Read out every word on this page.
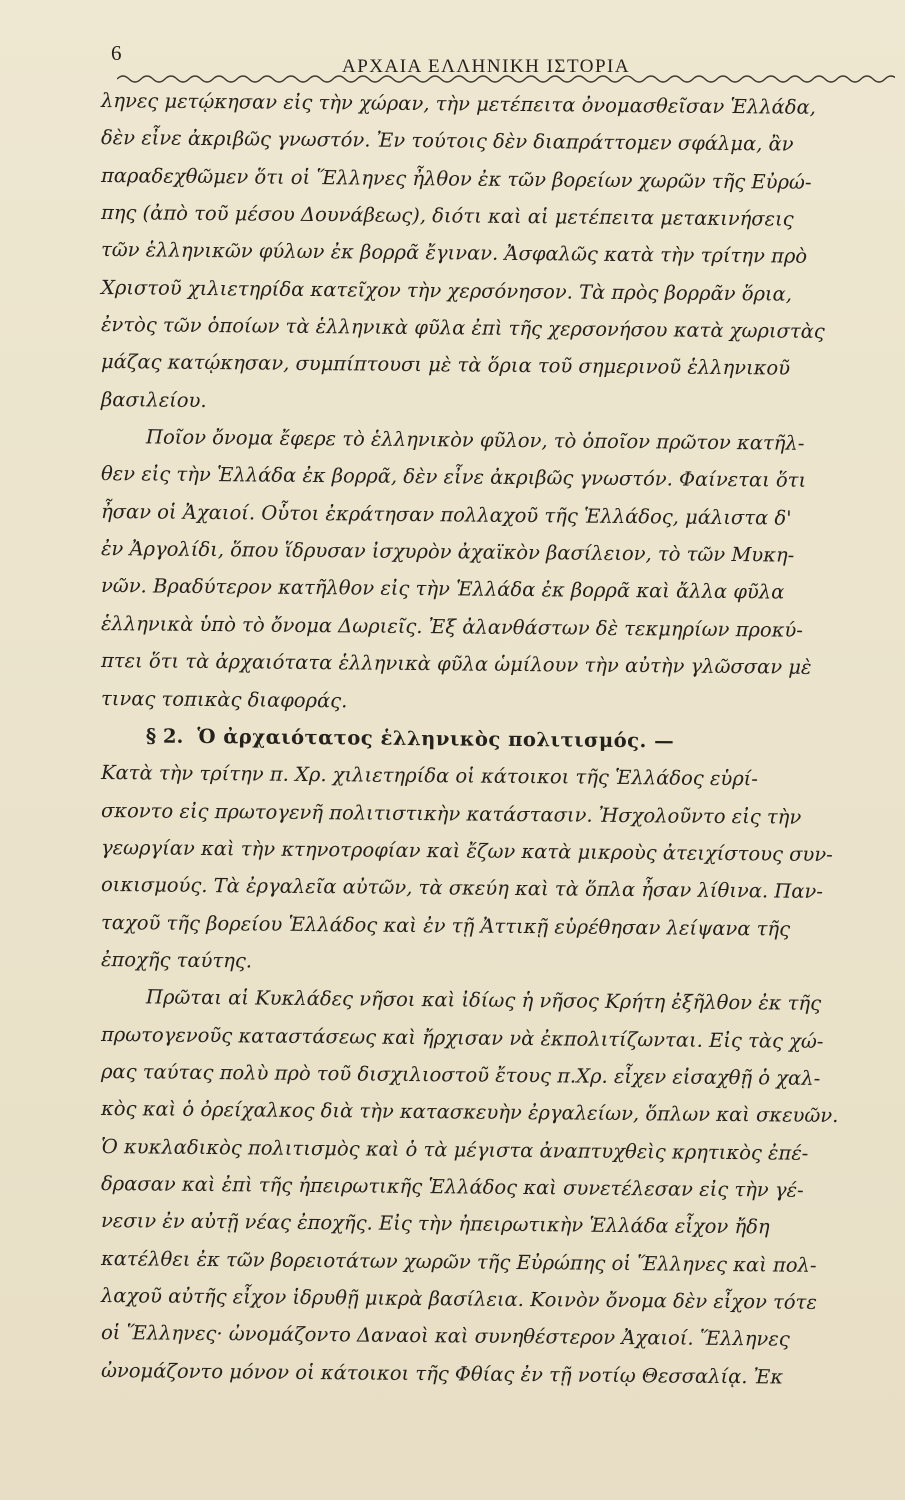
6
ΑΡΧΑΙΑ ΕΛΛΗΝΙΚΗ ΙΣΤΟΡΙΑ
ληνες μετῴκησαν εἰς τὴν χώραν, τὴν μετέπειτα ὀνομασθεῖσαν Ἑλλάδα,
δὲν εἶνε ἀκριβῶς γνωστόν. Ἐν τούτοις δὲν διαπράττομεν σφάλμα, ἂν
παραδεχθῶμεν ὅτι οἱ Ἕλληνες ἦλθον ἐκ τῶν βορείων χωρῶν τῆς Εὐρώ-
πης (ἀπὸ τοῦ μέσου Δουνάβεως), διότι καὶ αἱ μετέπειτα μετακινήσεις
τῶν ἑλληνικῶν φύλων ἐκ βορρᾶ ἔγιναν. Ἀσφαλῶς κατὰ τὴν τρίτην πρὸ
Χριστοῦ χιλιετηρίδα κατεῖχον τὴν χερσόνησον. Τὰ πρὸς βορρᾶν ὅρια,
ἐντὸς τῶν ὁποίων τὰ ἑλληνικὰ φῦλα ἐπὶ τῆς χερσονήσου κατὰ χωριστὰς
μάζας κατῴκησαν, συμπίπτουσι μὲ τὰ ὅρια τοῦ σημερινοῦ ἑλληνικοῦ
βασιλείου.
Ποῖον ὄνομα ἔφερε τὸ ἑλληνικὸν φῦλον, τὸ ὁποῖον πρῶτον κατῆλ-
θεν εἰς τὴν Ἑλλάδα ἐκ βορρᾶ, δὲν εἶνε ἀκριβῶς γνωστόν. Φαίνεται ὅτι
ἦσαν οἱ Ἀχαιοί. Οὗτοι ἐκράτησαν πολλαχοῦ τῆς Ἑλλάδος, μάλιστα δ'
ἐν Ἀργολίδι, ὅπου ἵδρυσαν ἰσχυρὸν ἀχαϊκὸν βασίλειον, τὸ τῶν Μυκη-
νῶν. Βραδύτερον κατῆλθον εἰς τὴν Ἑλλάδα ἐκ βορρᾶ καὶ ἄλλα φῦλα
ἑλληνικὰ ὑπὸ τὸ ὄνομα Δωριεῖς. Ἐξ ἀλανθάστων δὲ τεκμηρίων προκύ-
πτει ὅτι τὰ ἀρχαιότατα ἑλληνικὰ φῦλα ὡμίλουν τὴν αὐτὴν γλῶσσαν μὲ
τινας τοπικὰς διαφοράς.
§ 2. Ὁ ἀρχαιότατος ἑλληνικὸς πολιτισμός. —
Κατὰ τὴν τρίτην π. Χρ. χιλιετηρίδα οἱ κάτοικοι τῆς Ἑλλάδος εὑρί-
σκοντο εἰς πρωτογενῆ πολιτιστικὴν κατάστασιν. Ἠσχολοῦντο εἰς τὴν
γεωργίαν καὶ τὴν κτηνοτροφίαν καὶ ἔζων κατὰ μικροὺς ἀτειχίστους συν-
οικισμούς. Τὰ ἐργαλεῖα αὐτῶν, τὰ σκεύη καὶ τὰ ὅπλα ἦσαν λίθινα. Παν-
ταχοῦ τῆς βορείου Ἑλλάδος καὶ ἐν τῇ Ἀττικῇ εὑρέθησαν λείψανα τῆς
ἐποχῆς ταύτης.
Πρῶται αἱ Κυκλάδες νῆσοι καὶ ἰδίως ἡ νῆσος Κρήτη ἐξῆλθον ἐκ τῆς
πρωτογενοῦς καταστάσεως καὶ ἤρχισαν νὰ ἐκπολιτίζωνται. Εἰς τὰς χώ-
ρας ταύτας πολὺ πρὸ τοῦ δισχιλιοστοῦ ἔτους π.Χρ. εἶχεν εἰσαχθῇ ὁ χαλ-
κὸς καὶ ὁ ὀρείχαλκος διὰ τὴν κατασκευὴν ἐργαλείων, ὅπλων καὶ σκευῶν.
Ὁ κυκλαδικὸς πολιτισμὸς καὶ ὁ τὰ μέγιστα ἀναπτυχθεὶς κρητικὸς ἐπέ-
δρασαν καὶ ἐπὶ τῆς ἠπειρωτικῆς Ἑλλάδος καὶ συνετέλεσαν εἰς τὴν γέ-
νεσιν ἐν αὐτῇ νέας ἐποχῆς. Εἰς τὴν ἠπειρωτικὴν Ἑλλάδα εἶχον ἤδη
κατέλθει ἐκ τῶν βορειοτάτων χωρῶν τῆς Εὐρώπης οἱ Ἕλληνες καὶ πολ-
λαχοῦ αὐτῆς εἶχον ἱδρυθῇ μικρὰ βασίλεια. Κοινὸν ὄνομα δὲν εἶχον τότε
οἱ Ἕλληνες· ὠνομάζοντο Δαναοὶ καὶ συνηθέστερον Ἀχαιοί. Ἕλληνες
ὠνομάζοντο μόνον οἱ κάτοικοι τῆς Φθίας ἐν τῇ νοτίῳ Θεσσαλίᾳ. Ἐκ
